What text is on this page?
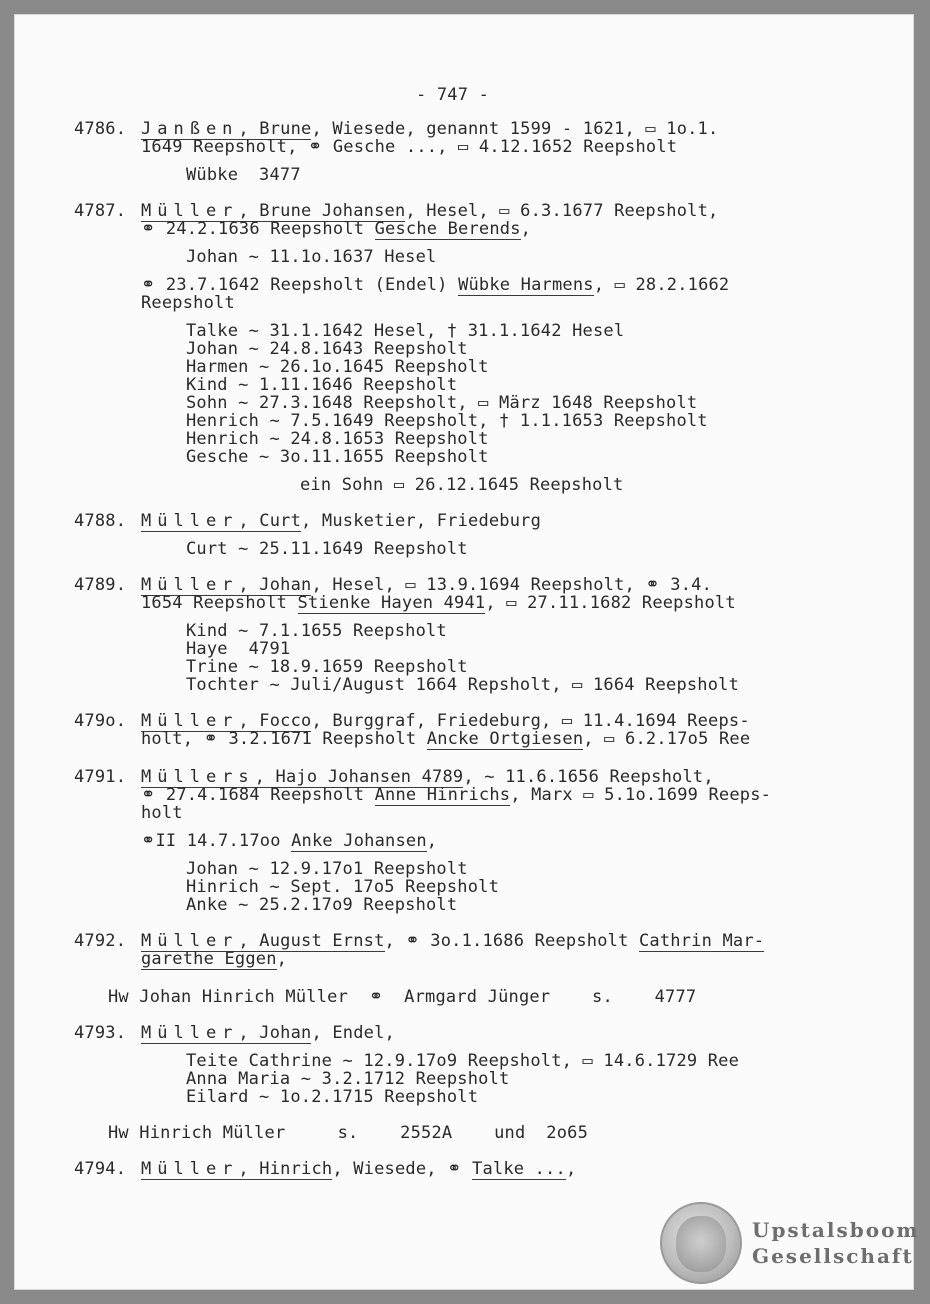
- 747 -
4786. Janßen, Brune, Wiesede, genannt 1599 - 1621, ▭ 1o.1.
1649 Reepsholt, ⚭ Gesche ..., ▭ 4.12.1652 Reepsholt
Wübke  3477
4787. Müller, Brune Johansen, Hesel, ▭ 6.3.1677 Reepsholt,
⚭ 24.2.1636 Reepsholt Gesche Berends,
Johan ~ 11.1o.1637 Hesel
⚭ 23.7.1642 Reepsholt (Endel) Wübke Harmens, ▭ 28.2.1662
Reepsholt
Talke ~ 31.1.1642 Hesel, † 31.1.1642 Hesel
Johan ~ 24.8.1643 Reepsholt
Harmen ~ 26.1o.1645 Reepsholt
Kind ~ 1.11.1646 Reepsholt
Sohn ~ 27.3.1648 Reepsholt, ▭ März 1648 Reepsholt
Henrich ~ 7.5.1649 Reepsholt, † 1.1.1653 Reepsholt
Henrich ~ 24.8.1653 Reepsholt
Gesche ~ 3o.11.1655 Reepsholt
ein Sohn ▭ 26.12.1645 Reepsholt
4788. Müller, Curt, Musketier, Friedeburg
Curt ~ 25.11.1649 Reepsholt
4789. Müller, Johan, Hesel, ▭ 13.9.1694 Reepsholt, ⚭ 3.4.
1654 Reepsholt Stienke Hayen 4941, ▭ 27.11.1682 Reepsholt
Kind ~ 7.1.1655 Reepsholt
Haye  4791
Trine ~ 18.9.1659 Reepsholt
Tochter ~ Juli/August 1664 Repsholt, ▭ 1664 Reepsholt
479o. Müller, Focco, Burggraf, Friedeburg, ▭ 11.4.1694 Reeps-
holt, ⚭ 3.2.1671 Reepsholt Ancke Ortgiesen, ▭ 6.2.17o5 Ree
4791. Müllers, Hajo Johansen 4789, ~ 11.6.1656 Reepsholt,
⚭ 27.4.1684 Reepsholt Anne Hinrichs, Marx ▭ 5.1o.1699 Reeps-
holt
⚭II 14.7.17oo Anke Johansen,
Johan ~ 12.9.17o1 Reepsholt
Hinrich ~ Sept. 17o5 Reepsholt
Anke ~ 25.2.17o9 Reepsholt
4792. Müller, August Ernst, ⚭ 3o.1.1686 Reepsholt Cathrin Mar-
garethe Eggen,
Hw Johan Hinrich Müller  ⚭  Armgard Jünger    s.    4777
4793. Müller, Johan, Endel,
Teite Cathrine ~ 12.9.17o9 Reepsholt, ▭ 14.6.1729 Ree
Anna Maria ~ 3.2.1712 Reepsholt
Eilard ~ 1o.2.1715 Reepsholt
Hw Hinrich Müller     s.    2552A    und  2o65
4794. Müller, Hinrich, Wiesede, ⚭ Talke ...,
Upstalsboom
Gesellschaft
